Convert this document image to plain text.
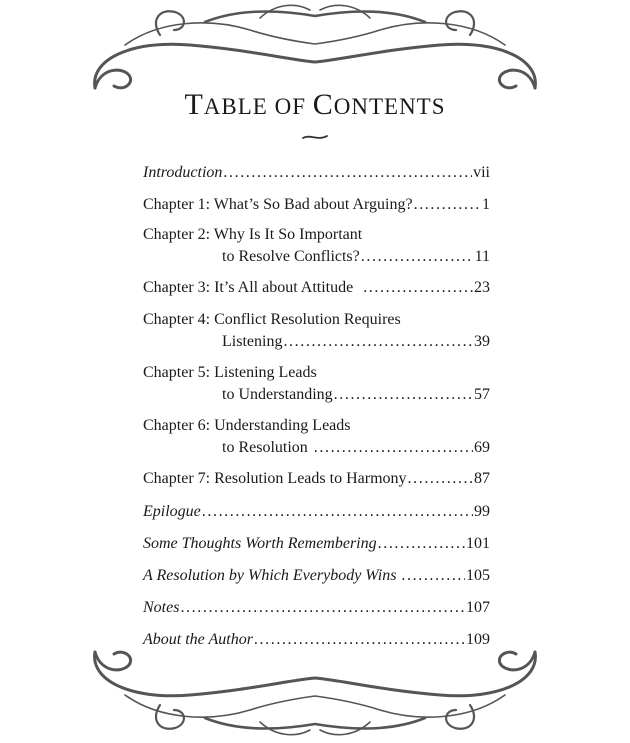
TABLE OF CONTENTS
Introduction . . .	vii
Chapter 1: What’s So Bad about Arguing? . . .	1
Chapter 2: Why Is It So Important
to Resolve Conflicts? . . .	11
Chapter 3: It’s All about Attitude . . .	23
Chapter 4: Conflict Resolution Requires
Listening . . .	39
Chapter 5: Listening Leads
to Understanding . . .	57
Chapter 6: Understanding Leads
to Resolution . . .	69
Chapter 7: Resolution Leads to Harmony . . .	87
Epilogue . . .	99
Some Thoughts Worth Remembering . . .	101
A Resolution by Which Everybody Wins . . .	105
Notes . . .	107
About the Author . . .	109
